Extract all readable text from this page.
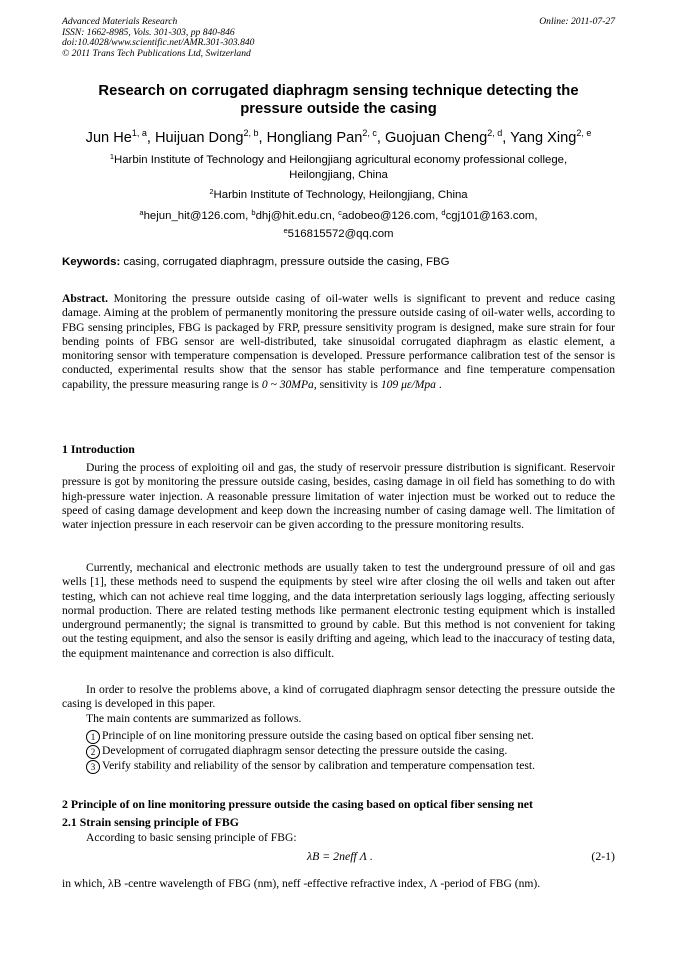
Advanced Materials Research
ISSN: 1662-8985, Vols. 301-303, pp 840-846
doi:10.4028/www.scientific.net/AMR.301-303.840
© 2011 Trans Tech Publications Ltd, Switzerland
Online: 2011-07-27
Research on corrugated diaphragm sensing technique detecting the
pressure outside the casing
Jun He$^{1, a}$, Huijuan Dong$^{2, b}$, Hongliang Pan$^{2, c}$, Guojuan Cheng$^{2, d}$, Yang Xing$^{2, e}$
$^1$Harbin Institute of Technology and Heilongjiang agricultural economy professional college,
Heilongjiang, China
$^2$Harbin Institute of Technology, Heilongjiang, China
$^a$hejun_hit@126.com, $^b$dhj@hit.edu.cn, $^c$adobeo@126.com, $^d$cgj101@163.com,
$^e$516815572@qq.com
Keywords: casing, corrugated diaphragm, pressure outside the casing, FBG
Abstract. Monitoring the pressure outside casing of oil-water wells is significant to prevent and reduce casing damage. Aiming at the problem of permanently monitoring the pressure outside casing of oil-water wells, according to FBG sensing principles, FBG is packaged by FRP, pressure sensitivity program is designed, make sure strain for four bending points of FBG sensor are well-distributed, take sinusoidal corrugated diaphragm as elastic element, a monitoring sensor with temperature compensation is developed. Pressure performance calibration test of the sensor is conducted, experimental results show that the sensor has stable performance and fine temperature compensation capability, the pressure measuring range is 0 ~ 30MPa, sensitivity is 109 με/Mpa .
1 Introduction
During the process of exploiting oil and gas, the study of reservoir pressure distribution is significant. Reservoir pressure is got by monitoring the pressure outside casing, besides, casing damage in oil field has something to do with high-pressure water injection. A reasonable pressure limitation of water injection must be worked out to reduce the speed of casing damage development and keep down the increasing number of casing damage well. The limitation of water injection pressure in each reservoir can be given according to the pressure monitoring results.
Currently, mechanical and electronic methods are usually taken to test the underground pressure of oil and gas wells [1], these methods need to suspend the equipments by steel wire after closing the oil wells and taken out after testing, which can not achieve real time logging, and the data interpretation seriously lags logging, affecting seriously normal production. There are related testing methods like permanent electronic testing equipment which is installed underground permanently; the signal is transmitted to ground by cable. But this method is not convenient for taking out the testing equipment, and also the sensor is easily drifting and ageing, which lead to the inaccuracy of testing data, the equipment maintenance and correction is also difficult.
In order to resolve the problems above, a kind of corrugated diaphragm sensor detecting the pressure outside the casing is developed in this paper.
The main contents are summarized as follows.
1 Principle of on line monitoring pressure outside the casing based on optical fiber sensing net.
2 Development of corrugated diaphragm sensor detecting the pressure outside the casing.
3 Verify stability and reliability of the sensor by calibration and temperature compensation test.
2 Principle of on line monitoring pressure outside the casing based on optical fiber sensing net
2.1 Strain sensing principle of FBG
According to basic sensing principle of FBG:
λB = 2neff Λ .	(2-1)
in which, λB -centre wavelength of FBG (nm), neff -effective refractive index, Λ -period of FBG (nm).
